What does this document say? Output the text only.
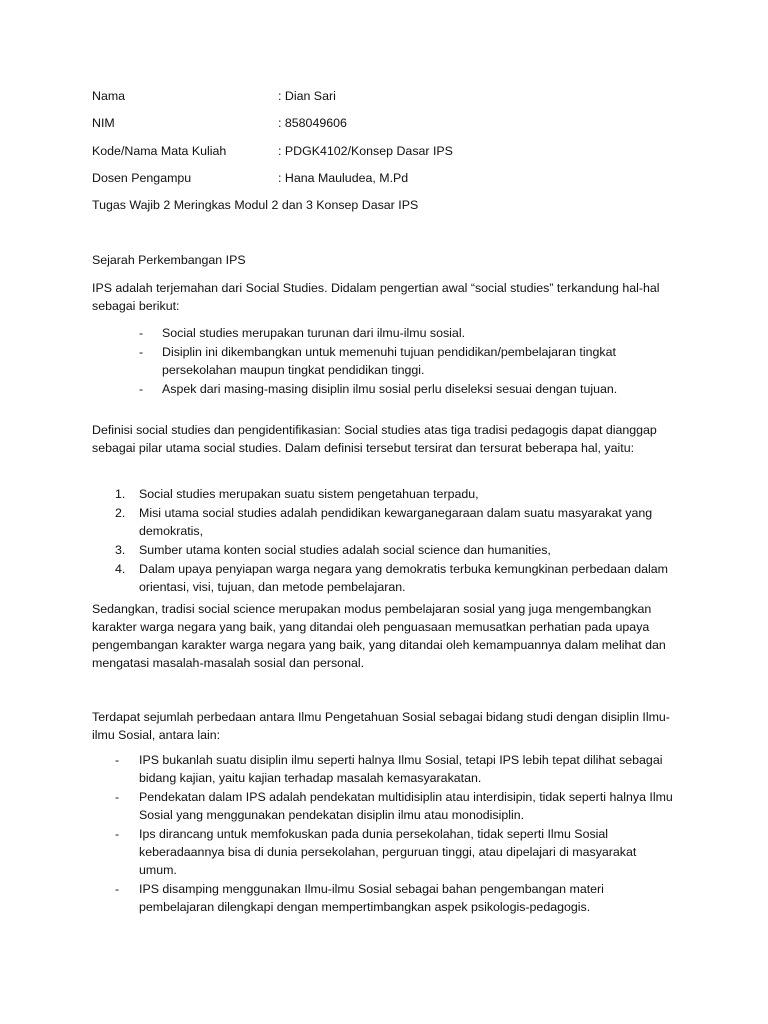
Nama	: Dian Sari
NIM	: 858049606
Kode/Nama Mata Kuliah	: PDGK4102/Konsep Dasar IPS
Dosen Pengampu	: Hana Mauludea, M.Pd
Tugas Wajib 2 Meringkas Modul 2 dan 3 Konsep Dasar IPS

Sejarah Perkembangan IPS

IPS adalah terjemahan dari Social Studies. Didalam pengertian awal “social studies” terkandung hal-hal sebagai berikut:

- Social studies merupakan turunan dari ilmu-ilmu sosial.
- Disiplin ini dikembangkan untuk memenuhi tujuan pendidikan/pembelajaran tingkat persekolahan maupun tingkat pendidikan tinggi.
- Aspek dari masing-masing disiplin ilmu sosial perlu diseleksi sesuai dengan tujuan.

Definisi social studies dan pengidentifikasian: Social studies atas tiga tradisi pedagogis dapat dianggap sebagai pilar utama social studies. Dalam definisi tersebut tersirat dan tersurat beberapa hal, yaitu:

1. Social studies merupakan suatu sistem pengetahuan terpadu,
2. Misi utama social studies adalah pendidikan kewarganegaraan dalam suatu masyarakat yang demokratis,
3. Sumber utama konten social studies adalah social science dan humanities,
4. Dalam upaya penyiapan warga negara yang demokratis terbuka kemungkinan perbedaan dalam orientasi, visi, tujuan, dan metode pembelajaran.

Sedangkan, tradisi social science merupakan modus pembelajaran sosial yang juga mengembangkan karakter warga negara yang baik, yang ditandai oleh penguasaan memusatkan perhatian pada upaya pengembangan karakter warga negara yang baik, yang ditandai oleh kemampuannya dalam melihat dan mengatasi masalah-masalah sosial dan personal.

Terdapat sejumlah perbedaan antara Ilmu Pengetahuan Sosial sebagai bidang studi dengan disiplin Ilmu-ilmu Sosial, antara lain:

- IPS bukanlah suatu disiplin ilmu seperti halnya Ilmu Sosial, tetapi IPS lebih tepat dilihat sebagai bidang kajian, yaitu kajian terhadap masalah kemasyarakatan.
- Pendekatan dalam IPS adalah pendekatan multidisiplin atau interdisipin, tidak seperti halnya Ilmu Sosial yang menggunakan pendekatan disiplin ilmu atau monodisiplin.
- Ips dirancang untuk memfokuskan pada dunia persekolahan, tidak seperti Ilmu Sosial keberadaannya bisa di dunia persekolahan, perguruan tinggi, atau dipelajari di masyarakat umum.
- IPS disamping menggunakan Ilmu-ilmu Sosial sebagai bahan pengembangan materi pembelajaran dilengkapi dengan mempertimbangkan aspek psikologis-pedagogis.
